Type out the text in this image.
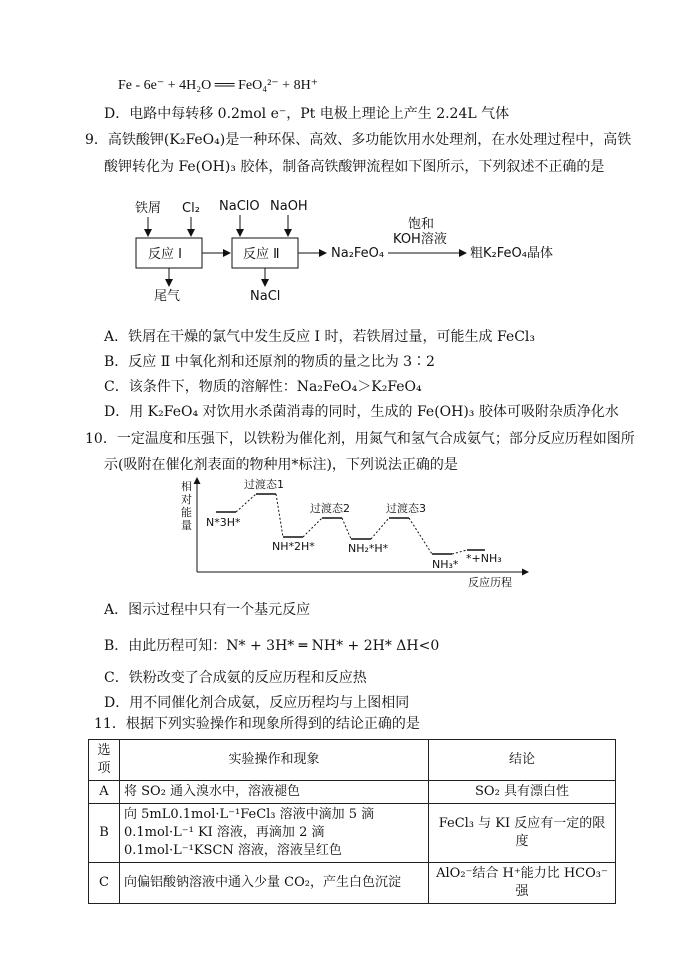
Fe - 6e⁻ + 4H₂O ══ FeO₄²⁻ + 8H⁺
D．电路中每转移 0.2mol e⁻，Pt 电极上理论上产生 2.24L 气体
9．高铁酸钾(K₂FeO₄)是一种环保、高效、多功能饮用水处理剂，在水处理过程中，高铁
酸钾转化为 Fe(OH)₃ 胶体，制备高铁酸钾流程如下图所示，下列叙述不正确的是
铁屑 Cl₂ NaClO NaOH
反应 Ⅰ	反应 Ⅱ	Na₂FeO₄
饱和
KOH溶液
粗K₂FeO₄晶体
尾气	NaCl
A．铁屑在干燥的氯气中发生反应 Ⅰ 时，若铁屑过量，可能生成 FeCl₃
B．反应 Ⅱ 中氧化剂和还原剂的物质的量之比为 3∶2
C．该条件下，物质的溶解性：Na₂FeO₄＞K₂FeO₄
D．用 K₂FeO₄ 对饮用水杀菌消毒的同时，生成的 Fe(OH)₃ 胶体可吸附杂质净化水
10．一定温度和压强下，以铁粉为催化剂，用氮气和氢气合成氨气；部分反应历程如图所
示(吸附在催化剂表面的物种用*标注)，下列说法正确的是
相
对
能
量
反应历程
N*3H*
过渡态1
NH*2H*
过渡态2
NH₂*H*
过渡态3
NH₃* *+NH₃
A．图示过程中只有一个基元反应
B．由此历程可知：N* + 3H* ═ NH* + 2H* ΔH<0
C．铁粉改变了合成氨的反应历程和反应热
D．用不同催化剂合成氨，反应历程均与上图相同
11．根据下列实验操作和现象所得到的结论正确的是
选项	实验操作和现象	结论
A	将 SO₂ 通入溴水中，溶液褪色	SO₂ 具有漂白性
B	向 5mL0.1mol·L⁻¹FeCl₃ 溶液中滴加 5 滴 0.1mol·L⁻¹ KI 溶液，再滴加 2 滴 0.1mol·L⁻¹KSCN 溶液，溶液呈红色	FeCl₃ 与 KI 反应有一定的限度
C	向偏铝酸钠溶液中通入少量 CO₂，产生白色沉淀	AlO₂⁻结合 H⁺能力比 HCO₃⁻强
